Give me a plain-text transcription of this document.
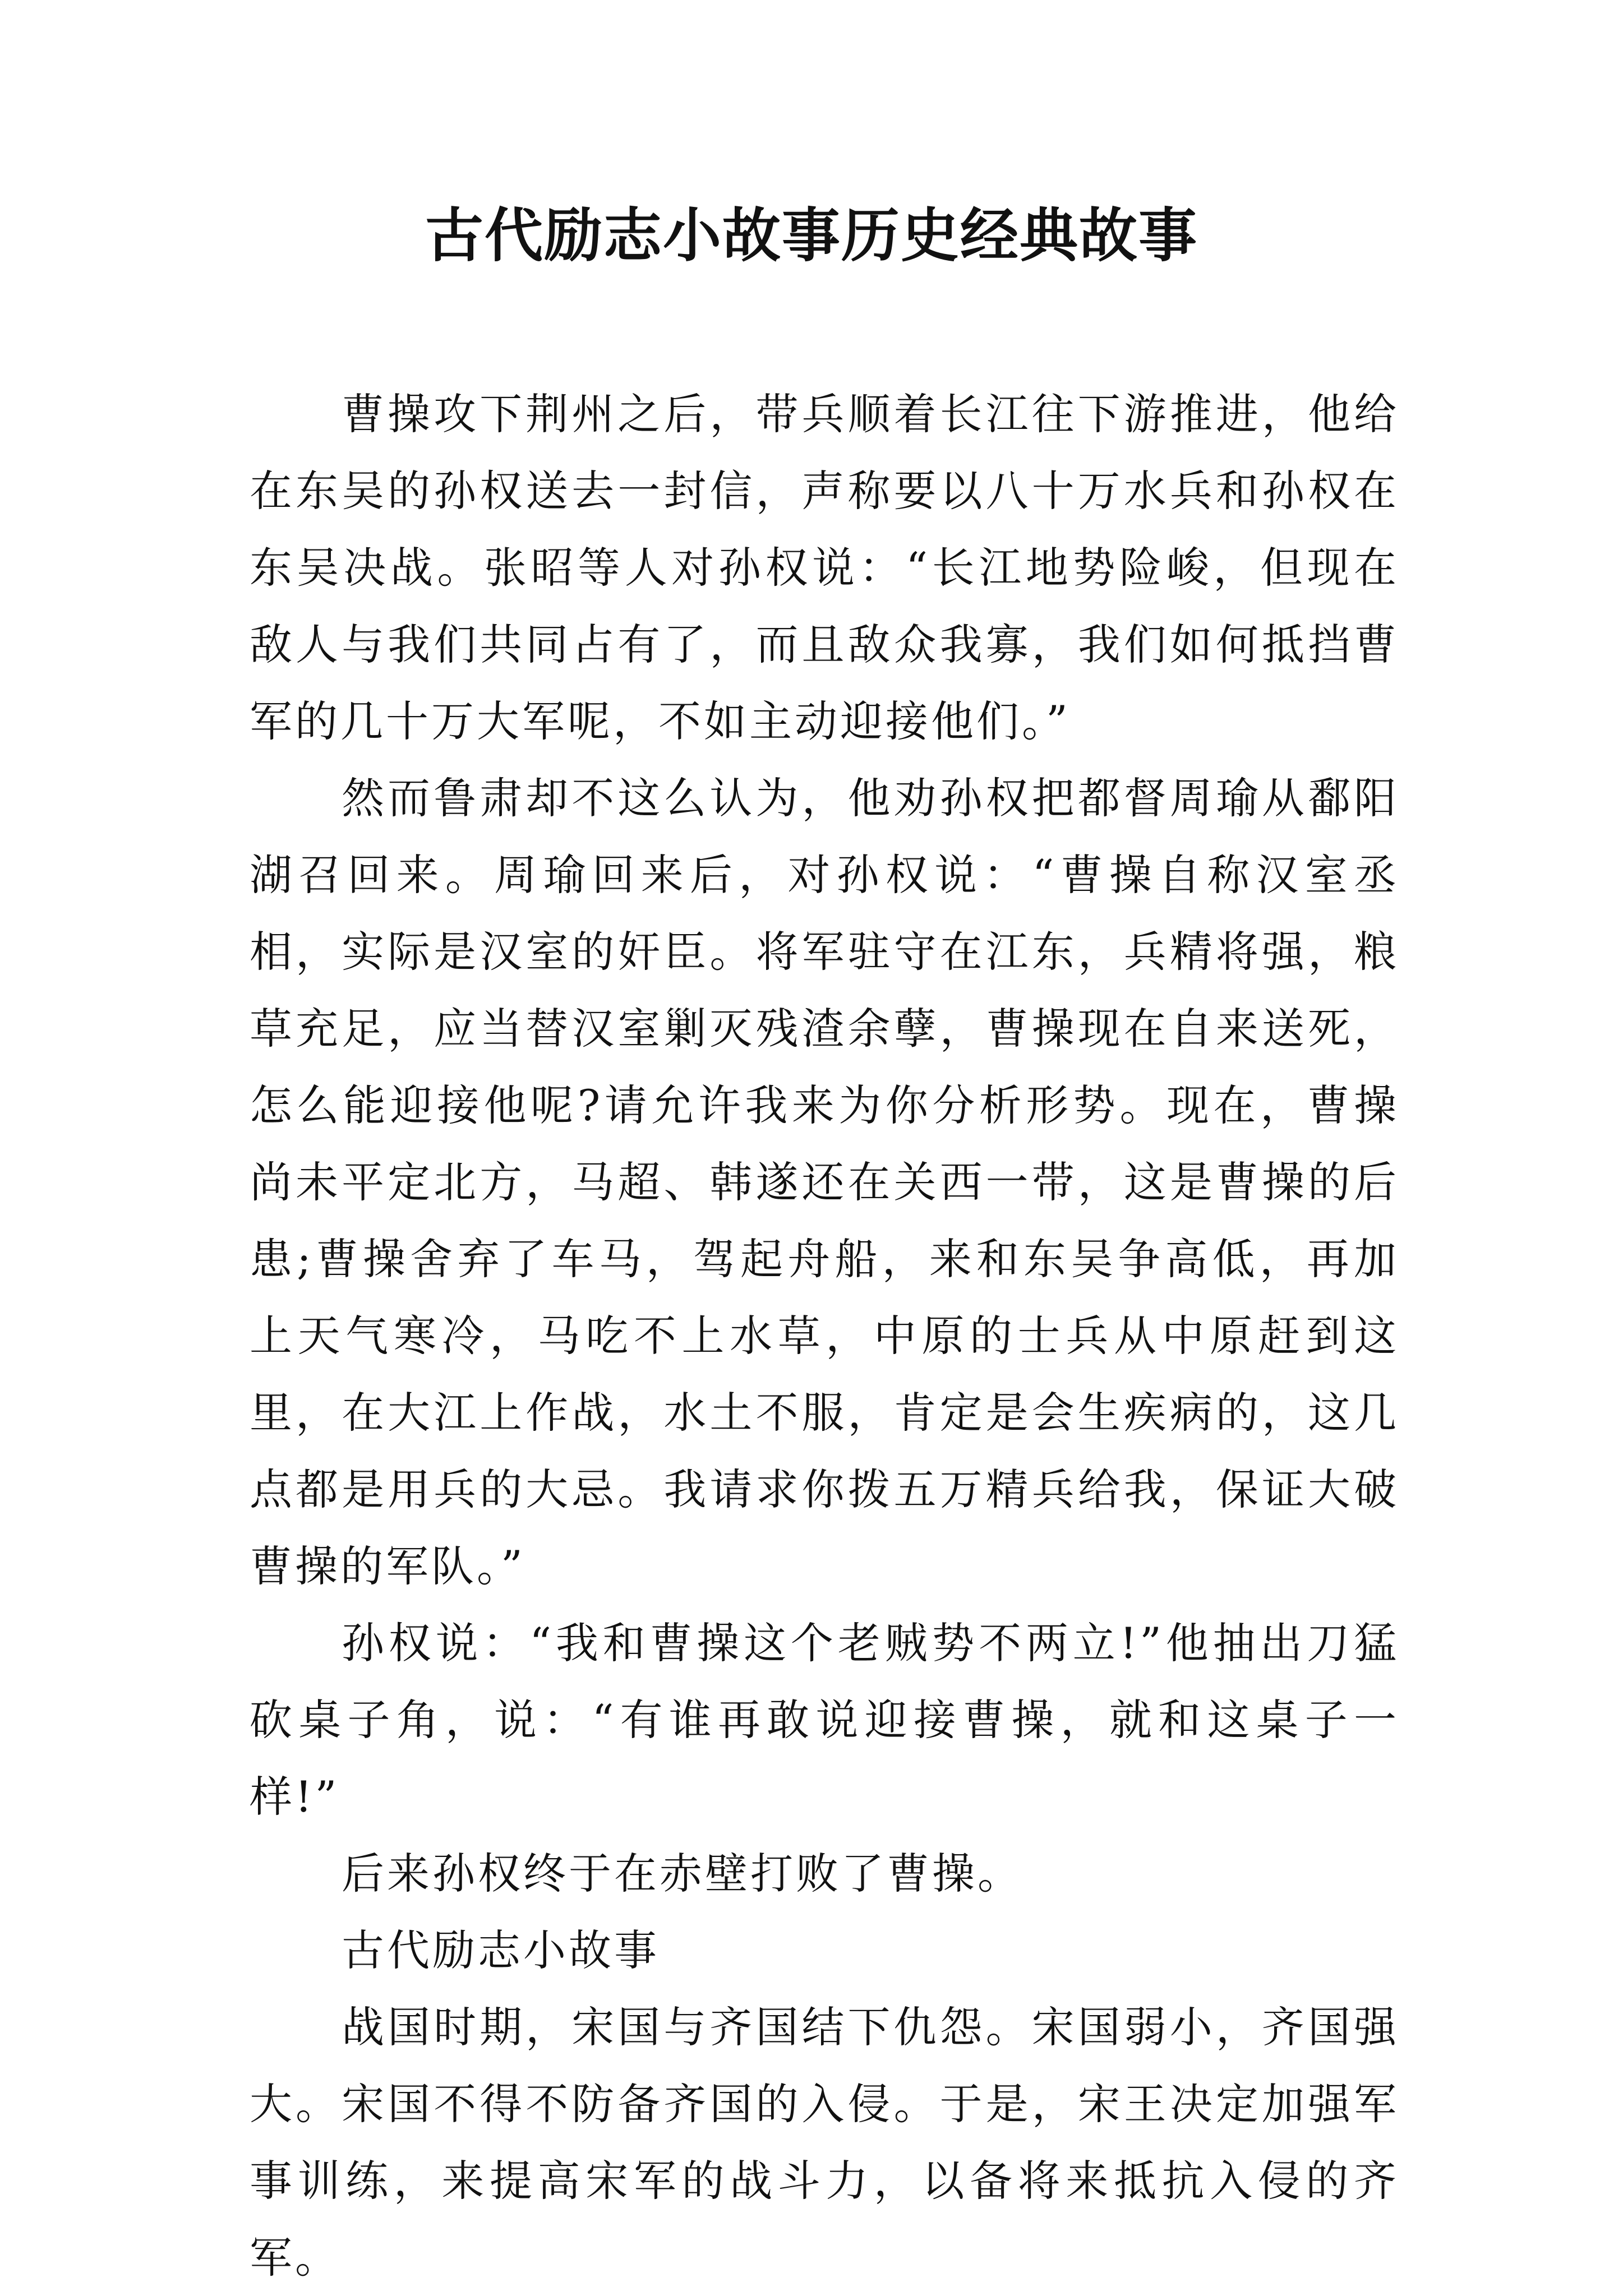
古代励志小故事历史经典故事

曹操攻下荆州之后，带兵顺着长江往下游推进，他给在东吴的孙权送去一封信，声称要以八十万水兵和孙权在东吴决战。张昭等人对孙权说：“长江地势险峻，但现在敌人与我们共同占有了，而且敌众我寡，我们如何抵挡曹军的几十万大军呢，不如主动迎接他们。”

然而鲁肃却不这么认为，他劝孙权把都督周瑜从鄱阳湖召回来。周瑜回来后，对孙权说：“曹操自称汉室丞相，实际是汉室的奸臣。将军驻守在江东，兵精将强，粮草充足，应当替汉室剿灭残渣余孽，曹操现在自来送死，怎么能迎接他呢?请允许我来为你分析形势。现在，曹操尚未平定北方，马超、韩遂还在关西一带，这是曹操的后患;曹操舍弃了车马，驾起舟船，来和东吴争高低，再加上天气寒冷，马吃不上水草，中原的士兵从中原赶到这里，在大江上作战，水土不服，肯定是会生疾病的，这几点都是用兵的大忌。我请求你拨五万精兵给我，保证大破曹操的军队。”

孙权说：“我和曹操这个老贼势不两立!”他抽出刀猛砍桌子角，说：“有谁再敢说迎接曹操，就和这桌子一样!”

后来孙权终于在赤壁打败了曹操。

古代励志小故事

战国时期，宋国与齐国结下仇怨。宋国弱小，齐国强大。宋国不得不防备齐国的入侵。于是，宋王决定加强军事训练，来提高宋军的战斗力，以备将来抵抗入侵的齐军。
